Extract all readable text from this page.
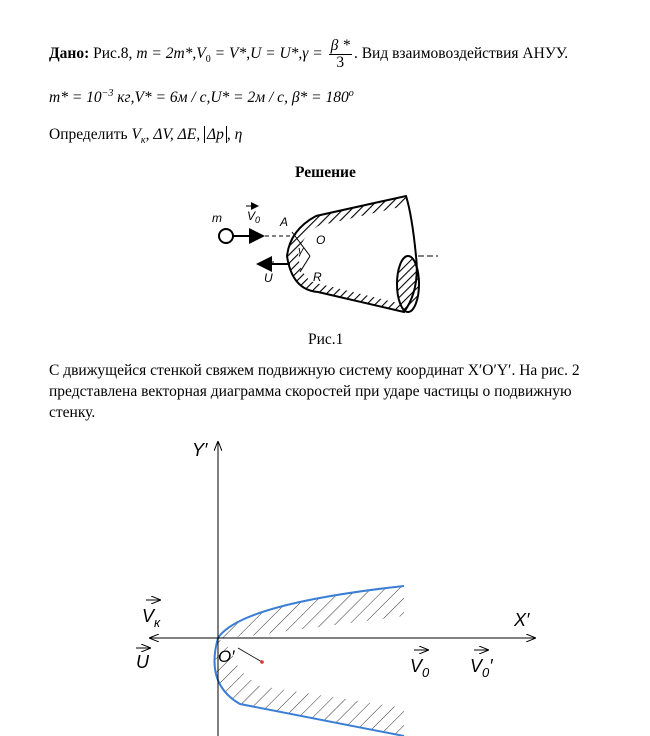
Дано: Рис.8, $m = 2m*,V_0 = V*,U = U*,\gamma = \frac{\beta *}{3}$ . Вид взаимовоздействия АНУУ.
$m* = 10^{-3}$ кг,V* = 6м / с,U* = 2м / с, $\beta* = 180^o$
Определить $V_к$, ΔV, ΔE, Δp , η
Решение
m $V_0$ A
O
γ
U	R
Рис.1
С движущейся стенкой свяжем подвижную систему координат X′O′Y′. На рис. 2 представлена векторная диаграмма скоростей при ударе частицы о подвижную стенку.
Y′
X′
O′
$V_к$
U	$V_0$ $V_0'$
